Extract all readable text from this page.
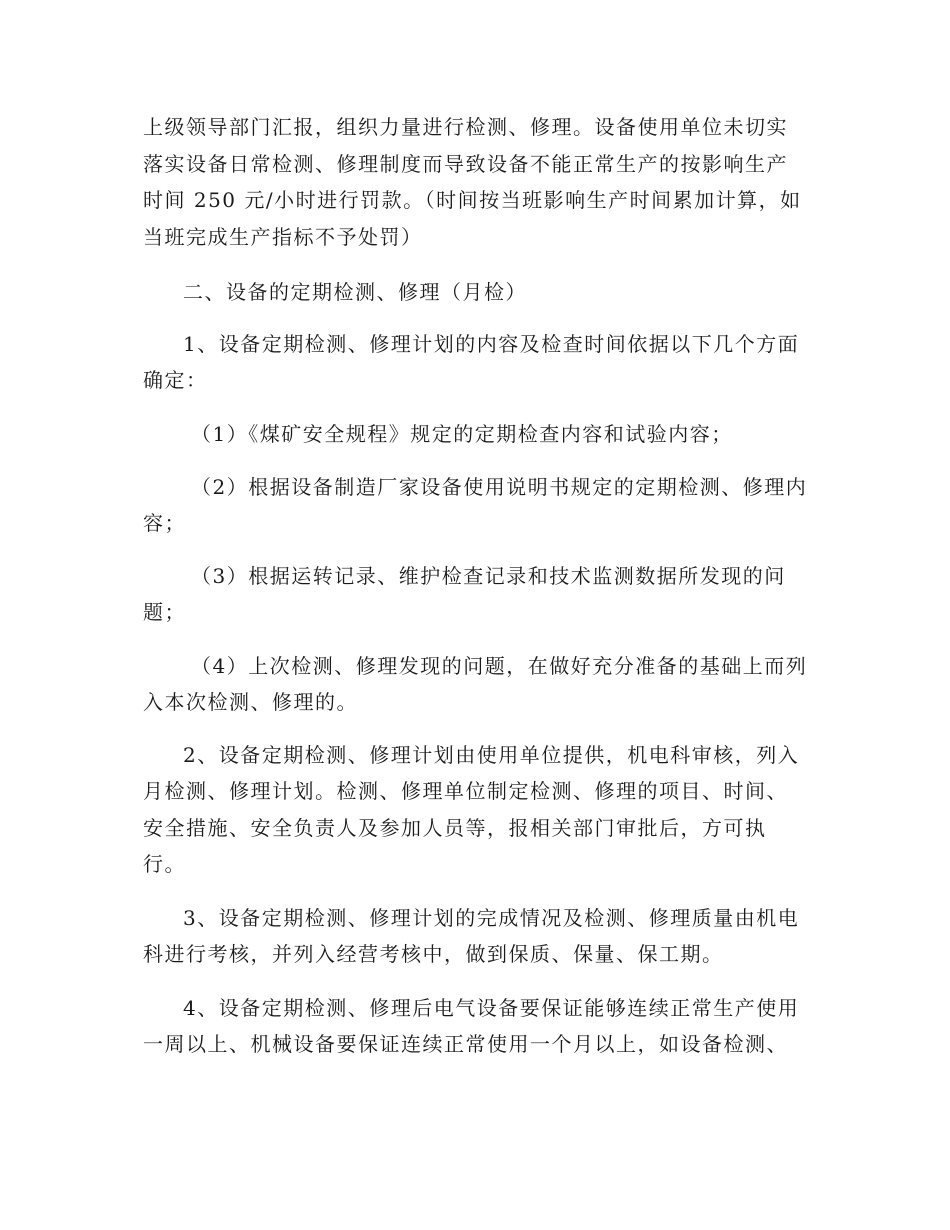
上级领导部门汇报，组织力量进行检测、修理。设备使用单位未切实
落实设备日常检测、修理制度而导致设备不能正常生产的按影响生产
时间 250 元/小时进行罚款。（时间按当班影响生产时间累加计算，如
当班完成生产指标不予处罚）
二、设备的定期检测、修理（月检）
1、设备定期检测、修理计划的内容及检查时间依据以下几个方面
确定：
（1）《煤矿安全规程》规定的定期检查内容和试验内容；
（2）根据设备制造厂家设备使用说明书规定的定期检测、修理内
容；
（3）根据运转记录、维护检查记录和技术监测数据所发现的问
题；
（4）上次检测、修理发现的问题，在做好充分准备的基础上而列
入本次检测、修理的。
2、设备定期检测、修理计划由使用单位提供，机电科审核，列入
月检测、修理计划。检测、修理单位制定检测、修理的项目、时间、
安全措施、安全负责人及参加人员等，报相关部门审批后，方可执
行。
3、设备定期检测、修理计划的完成情况及检测、修理质量由机电
科进行考核，并列入经营考核中，做到保质、保量、保工期。
4、设备定期检测、修理后电气设备要保证能够连续正常生产使用
一周以上、机械设备要保证连续正常使用一个月以上，如设备检测、
